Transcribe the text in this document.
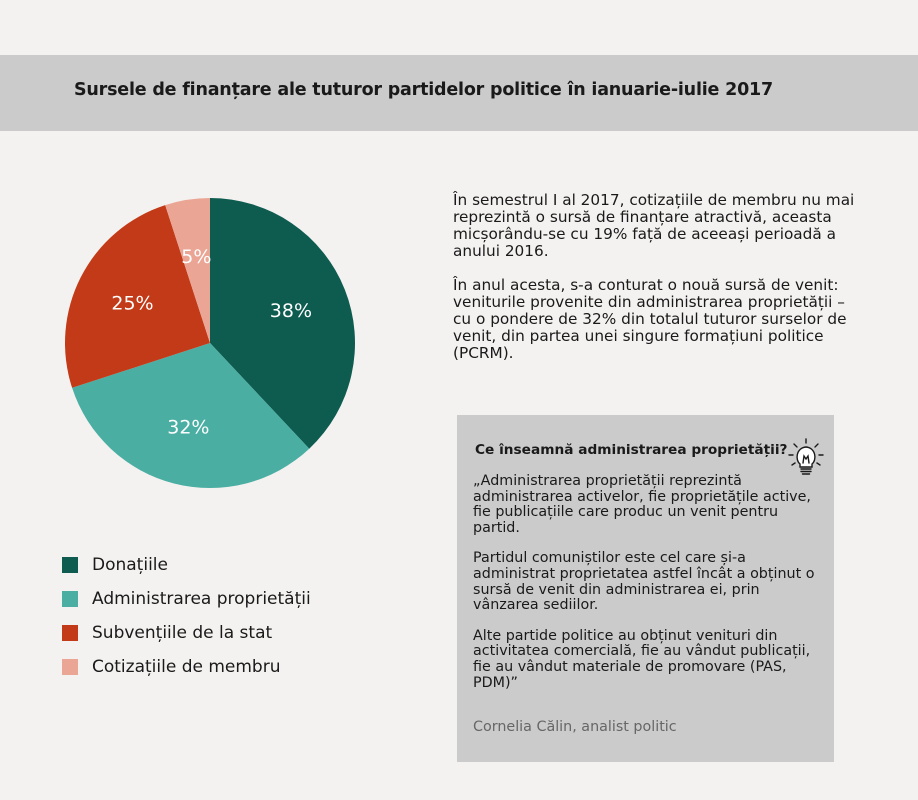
Sursele de finanțare ale tuturor partidelor politice în ianuarie-iulie 2017
38%
32%
25%
5%
Donațiile
Administrarea proprietății
Subvențiile de la stat
Cotizațiile de membru

În semestrul I al 2017, cotizațiile de membru nu mai reprezintă o sursă de finanțare atractivă, aceasta micșorându-se cu 19% față de aceeași perioadă a anului 2016.

În anul acesta, s-a conturat o nouă sursă de venit: veniturile provenite din administrarea proprietății – cu o pondere de 32% din totalul tuturor surselor de venit, din partea unei singure formațiuni politice (PCRM).

Ce înseamnă administrarea proprietății?

„Administrarea proprietății reprezintă administrarea activelor, fie proprietățile active, fie publicațiile care produc un venit pentru partid.

Partidul comuniștilor este cel care și-a administrat proprietatea astfel încât a obținut o sursă de venit din administrarea ei, prin vânzarea sediilor.

Alte partide politice au obținut venituri din activitatea comercială, fie au vândut publicații, fie au vândut materiale de promovare (PAS, PDM)”

Cornelia Călin, analist politic
